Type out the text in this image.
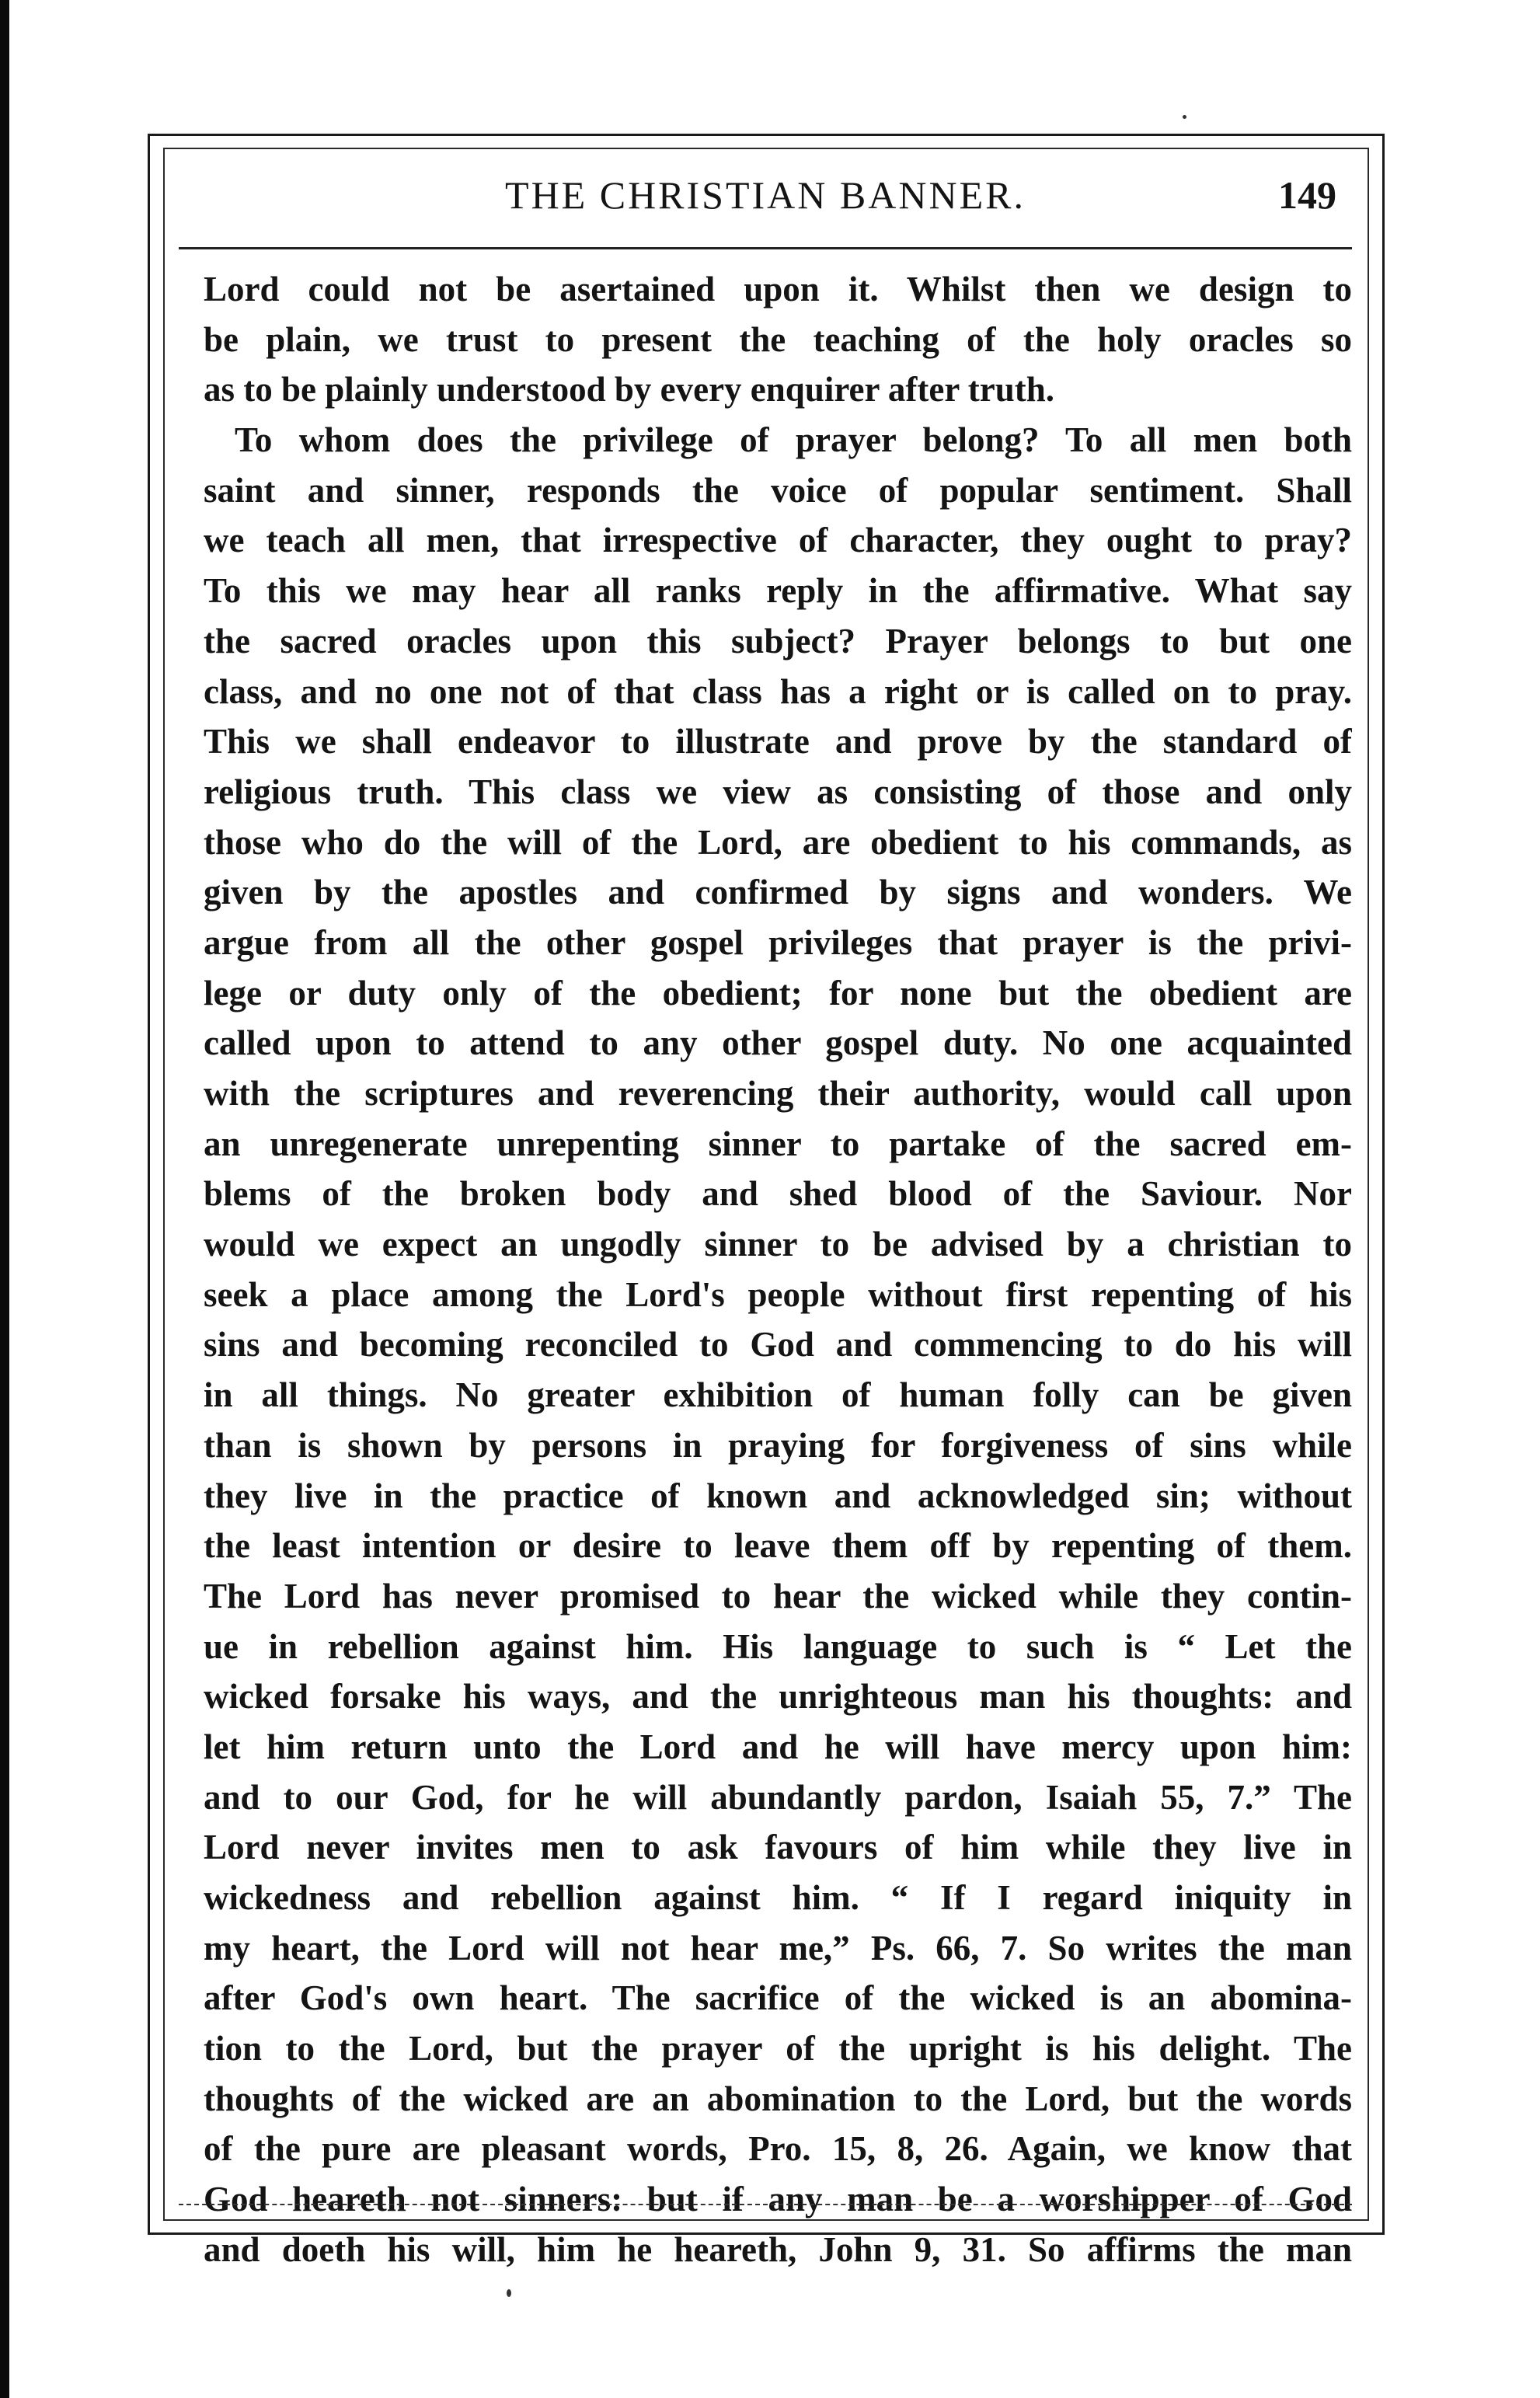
THE CHRISTIAN BANNER.	149
Lord could not be asertained upon it. Whilst then we design to
be plain, we trust to present the teaching of the holy oracles so
as to be plainly understood by every enquirer after truth.
To whom does the privilege of prayer belong? To all men both
saint and sinner, responds the voice of popular sentiment. Shall
we teach all men, that irrespective of character, they ought to pray?
To this we may hear all ranks reply in the affirmative. What say
the sacred oracles upon this subject? Prayer belongs to but one
class, and no one not of that class has a right or is called on to pray.
This we shall endeavor to illustrate and prove by the standard of
religious truth. This class we view as consisting of those and only
those who do the will of the Lord, are obedient to his commands, as
given by the apostles and confirmed by signs and wonders. We
argue from all the other gospel privileges that prayer is the privi-
lege or duty only of the obedient; for none but the obedient are
called upon to attend to any other gospel duty. No one acquainted
with the scriptures and reverencing their authority, would call upon
an unregenerate unrepenting sinner to partake of the sacred em-
blems of the broken body and shed blood of the Saviour. Nor
would we expect an ungodly sinner to be advised by a christian to
seek a place among the Lord's people without first repenting of his
sins and becoming reconciled to God and commencing to do his will
in all things. No greater exhibition of human folly can be given
than is shown by persons in praying for forgiveness of sins while
they live in the practice of known and acknowledged sin; without
the least intention or desire to leave them off by repenting of them.
The Lord has never promised to hear the wicked while they contin-
ue in rebellion against him. His language to such is “ Let the
wicked forsake his ways, and the unrighteous man his thoughts: and
let him return unto the Lord and he will have mercy upon him:
and to our God, for he will abundantly pardon, Isaiah 55, 7.” The
Lord never invites men to ask favours of him while they live in
wickedness and rebellion against him. “ If I regard iniquity in
my heart, the Lord will not hear me,” Ps. 66, 7. So writes the man
after God's own heart. The sacrifice of the wicked is an abomina-
tion to the Lord, but the prayer of the upright is his delight. The
thoughts of the wicked are an abomination to the Lord, but the words
of the pure are pleasant words, Pro. 15, 8, 26. Again, we know that
God heareth not sinners: but if any man be a worshipper of God
and doeth his will, him he heareth, John 9, 31. So affirms the man
